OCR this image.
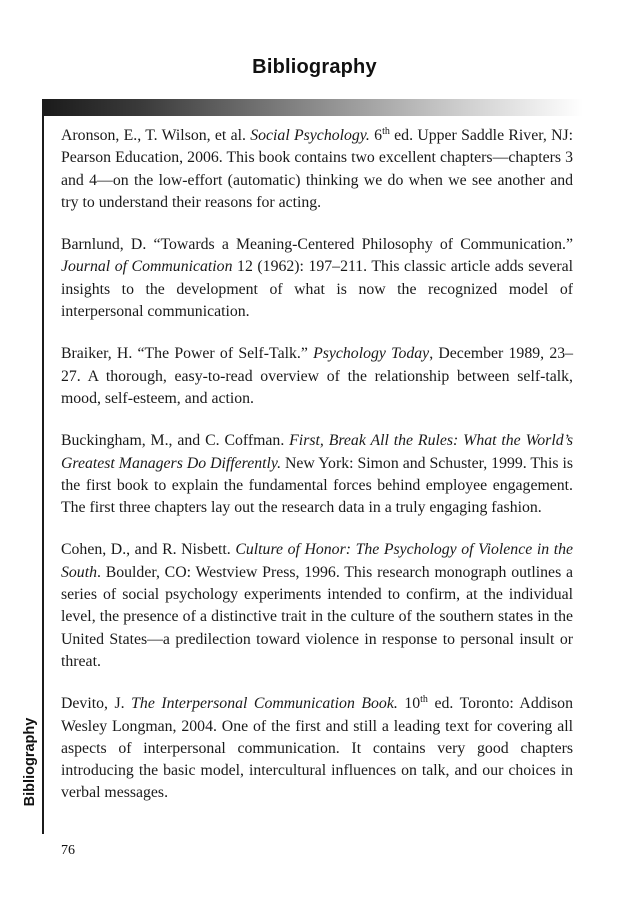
Bibliography
Bibliography

Aronson, E., T. Wilson, et al. Social Psychology. 6th ed. Upper Saddle River, NJ: Pearson Education, 2006. This book contains two excellent chapters—chapters 3 and 4—on the low-effort (automatic) thinking we do when we see another and try to understand their reasons for acting.

Barnlund, D. “Towards a Meaning-Centered Philosophy of Communication.” Journal of Communication 12 (1962): 197–211. This classic article adds several insights to the development of what is now the recognized model of interpersonal communication.

Braiker, H. “The Power of Self-Talk.” Psychology Today, December 1989, 23–27. A thorough, easy-to-read overview of the relationship between self-talk, mood, self-esteem, and action.

Buckingham, M., and C. Coffman. First, Break All the Rules: What the World’s Greatest Managers Do Differently. New York: Simon and Schuster, 1999. This is the first book to explain the fundamental forces behind employee engagement. The first three chapters lay out the research data in a truly engaging fashion.

Cohen, D., and R. Nisbett. Culture of Honor: The Psychology of Violence in the South. Boulder, CO: Westview Press, 1996. This research monograph outlines a series of social psychology experiments intended to confirm, at the individual level, the presence of a distinctive trait in the culture of the southern states in the United States—a predilection toward violence in response to personal insult or threat.

Devito, J. The Interpersonal Communication Book. 10th ed. Toronto: Addison Wesley Longman, 2004. One of the first and still a leading text for covering all aspects of interpersonal communication. It contains very good chapters introducing the basic model, intercultural influences on talk, and our choices in verbal messages.

76
